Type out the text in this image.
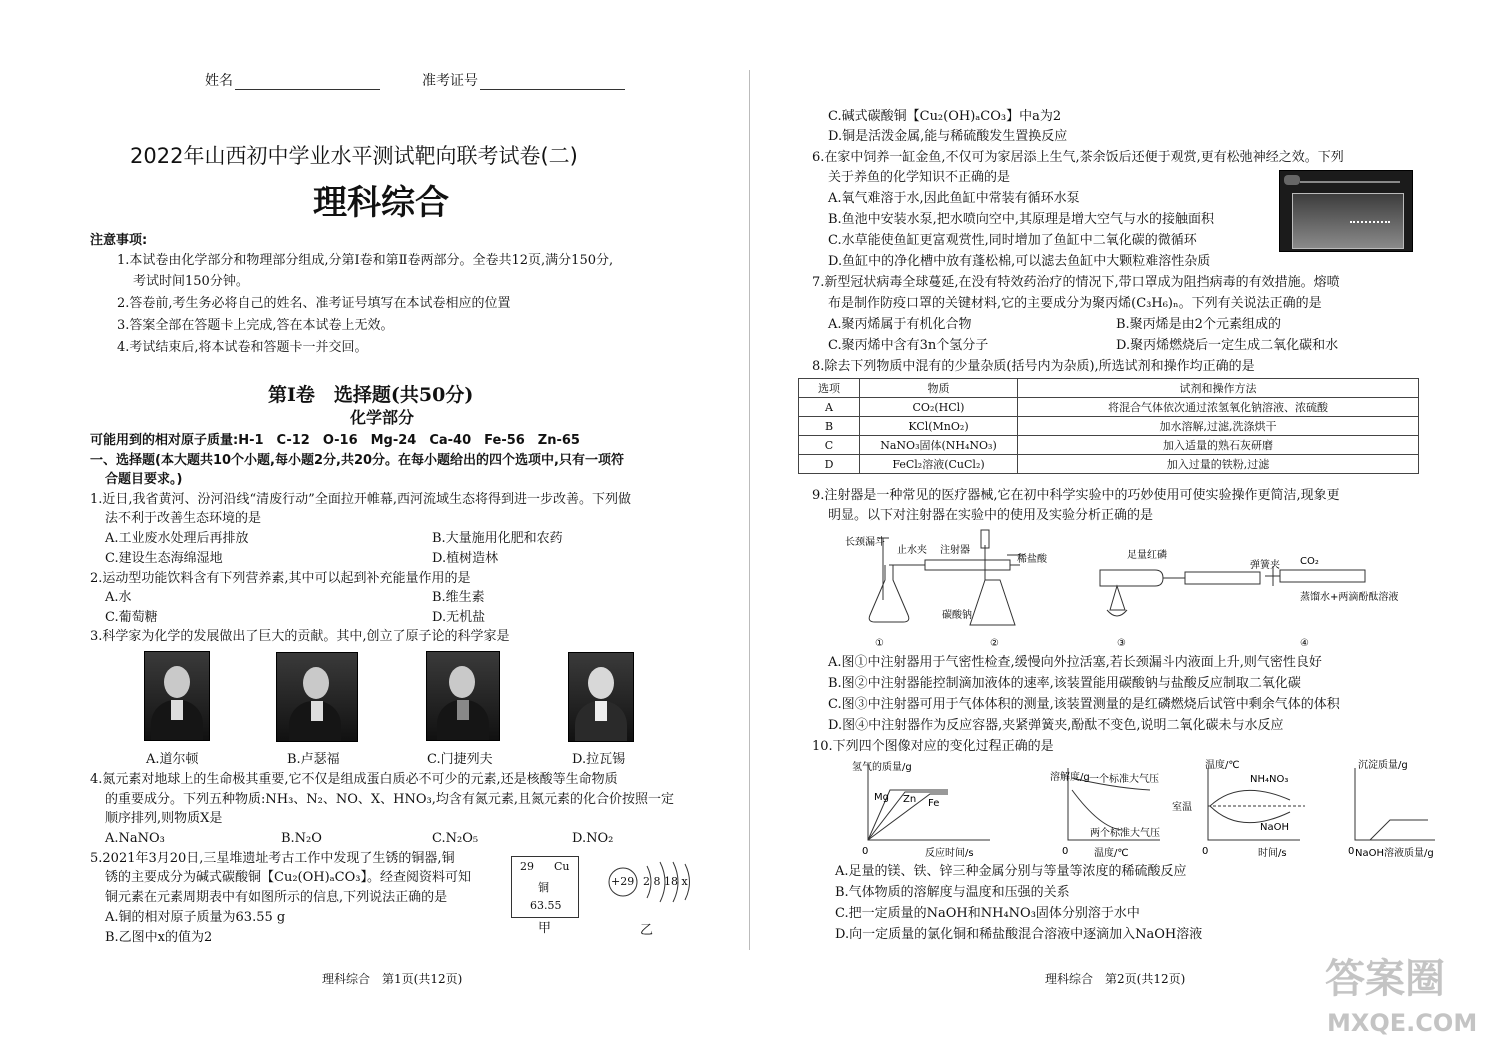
姓名	准考证号
2022年山西初中学业水平测试靶向联考试卷(二)
理科综合
注意事项:
1.本试卷由化学部分和物理部分组成,分第Ⅰ卷和第Ⅱ卷两部分。全卷共12页,满分150分,
考试时间150分钟。
2.答卷前,考生务必将自己的姓名、准考证号填写在本试卷相应的位置
3.答案全部在答题卡上完成,答在本试卷上无效。
4.考试结束后,将本试卷和答题卡一并交回。
第Ⅰ卷　选择题(共50分)
化学部分
可能用到的相对原子质量:H-1　C-12　O-16　Mg-24　Ca-40　Fe-56　Zn-65
一、选择题(本大题共10个小题,每小题2分,共20分。在每小题给出的四个选项中,只有一项符
合题目要求。)
1.近日,我省黄河、汾河沿线“清废行动”全面拉开帷幕,西河流域生态将得到进一步改善。下列做
法不利于改善生态环境的是
A.工业废水处理后再排放	B.大量施用化肥和农药
C.建设生态海绵湿地	D.植树造林
2.运动型功能饮料含有下列营养素,其中可以起到补充能量作用的是
A.水	B.维生素
C.葡萄糖	D.无机盐
3.科学家为化学的发展做出了巨大的贡献。其中,创立了原子论的科学家是
A.道尔顿	B.卢瑟福	C.门捷列夫	D.拉瓦锡
4.氮元素对地球上的生命极其重要,它不仅是组成蛋白质必不可少的元素,还是核酸等生命物质
的重要成分。下列五种物质:NH₃、N₂、NO、X、HNO₃,均含有氮元素,且氮元素的化合价按照一定
顺序排列,则物质X是
A.NaNO₃	B.N₂O	C.N₂O₅	D.NO₂
5.2021年3月20日,三星堆遗址考古工作中发现了生锈的铜器,铜
锈的主要成分为碱式碳酸铜【Cu₂(OH)ₐCO₃】。经查阅资料可知
铜元素在元素周期表中有如图所示的信息,下列说法正确的是
A.铜的相对原子质量为63.55 g
B.乙图中x的值为2
29 Cu
铜
63.55
甲
+29 2 8 18 x
乙
理科综合　第1页(共12页)
C.碱式碳酸铜【Cu₂(OH)ₐCO₃】中a为2
D.铜是活泼金属,能与稀硫酸发生置换反应
6.在家中饲养一缸金鱼,不仅可为家居添上生气,茶余饭后还便于观赏,更有松弛神经之效。下列
关于养鱼的化学知识不正确的是
A.氧气难溶于水,因此鱼缸中常装有循环水泵
B.鱼池中安装水泵,把水喷向空中,其原理是增大空气与水的接触面积
C.水草能使鱼缸更富观赏性,同时增加了鱼缸中二氧化碳的微循环
D.鱼缸中的净化槽中放有蓬松棉,可以滤去鱼缸中大颗粒难溶性杂质
7.新型冠状病毒全球蔓延,在没有特效药治疗的情况下,带口罩成为阻挡病毒的有效措施。熔喷
布是制作防疫口罩的关键材料,它的主要成分为聚丙烯(C₃H₆)ₙ。下列有关说法正确的是
A.聚丙烯属于有机化合物	B.聚丙烯是由2个元素组成的
C.聚丙烯中含有3n个氢分子	D.聚丙烯燃烧后一定生成二氧化碳和水
8.除去下列物质中混有的少量杂质(括号内为杂质),所选试剂和操作均正确的是
选项	物质	试剂和操作方法
A	CO₂(HCl)	将混合气体依次通过浓氢氧化钠溶液、浓硫酸
B	KCl(MnO₂)	加水溶解,过滤,洗涤烘干
C	NaNO₃固体(NH₄NO₃)	加入适量的熟石灰研磨
D	FeCl₂溶液(CuCl₂)	加入过量的铁粉,过滤
9.注射器是一种常见的医疗器械,它在初中科学实验中的巧妙使用可使实验操作更简洁,现象更
明显。以下对注射器在实验中的使用及实验分析正确的是
长颈漏斗
止水夹 注射器
稀盐酸
碳酸钠
足量红磷
弹簧夹 CO₂
蒸馏水+两滴酚酞溶液
①	②	③	④
A.图①中注射器用于气密性检查,缓慢向外拉活塞,若长颈漏斗内液面上升,则气密性良好
B.图②中注射器能控制滴加液体的速率,该装置能用碳酸钠与盐酸反应制取二氧化碳
C.图③中注射器可用于气体体积的测量,该装置测量的是红磷燃烧后试管中剩余气体的体积
D.图④中注射器作为反应容器,夹紧弹簧夹,酚酞不变色,说明二氧化碳未与水反应
10.下列四个图像对应的变化过程正确的是
氢气的质量/g
反应时间/s
Mg Zn Fe
0
溶解度/g
温度/℃
一个标准大气压
两个标准大气压
0
温度/℃
时间/s
NH₄NO₃
NaOH
室温
0
沉淀质量/g
NaOH溶液质量/g
0
A.足量的镁、铁、锌三种金属分别与等量等浓度的稀硫酸反应
B.气体物质的溶解度与温度和压强的关系
C.把一定质量的NaOH和NH₄NO₃固体分别溶于水中
D.向一定质量的氯化铜和稀盐酸混合溶液中逐滴加入NaOH溶液
理科综合　第2页(共12页)	答案圈
MXQE.COM
